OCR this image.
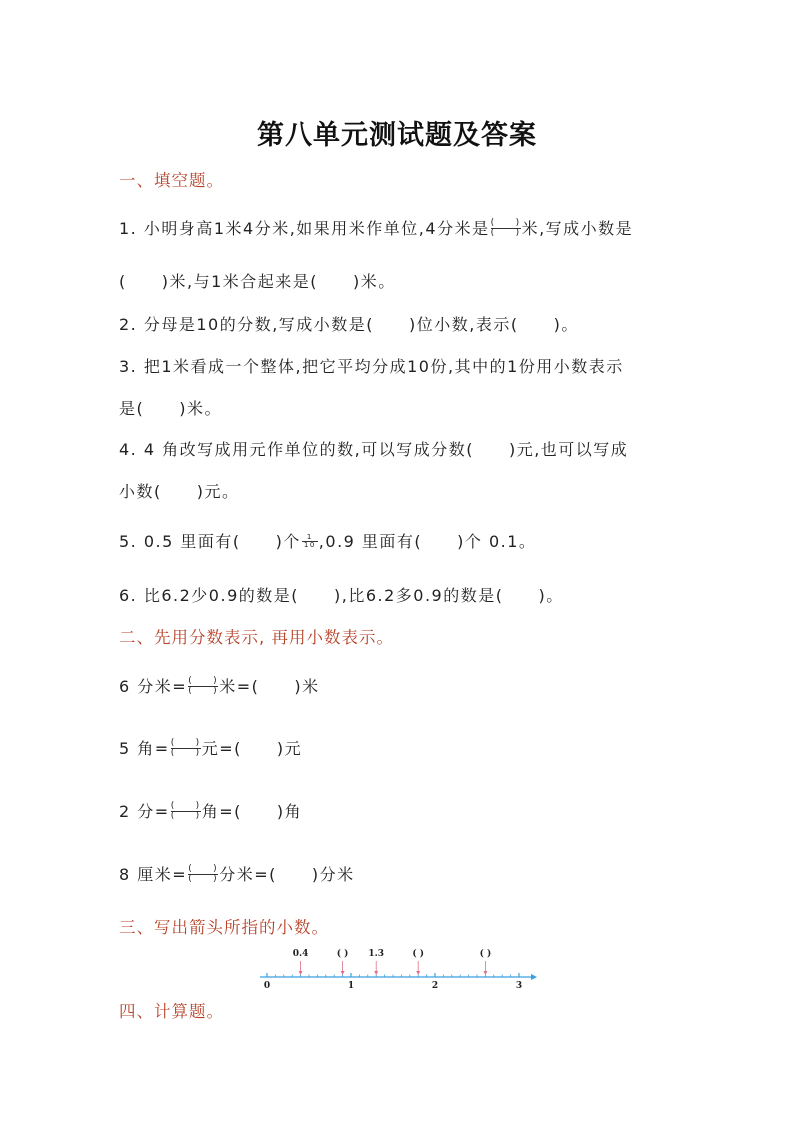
第八单元测试题及答案
一、填空题。
1. 小明身高1米4分米,如果用米作单位,4分米是 $\frac{( )}{( )}$ 米,写成小数是
(　　)米,与1米合起来是(　　)米。
2. 分母是10的分数,写成小数是(　　)位小数,表示(　　)。
3. 把1米看成一个整体,把它平均分成10份,其中的1份用小数表示
是(　　)米。
4. 4 角改写成用元作单位的数,可以写成分数(　　)元,也可以写成
小数(　　)元。
5. 0.5 里面有(　　)个 $\frac{1}{10} ,0.9$ 里面有(　　)个 0.1。
6. 比6.2少0.9的数是(　　),比6.2多0.9的数是(　　)。
二、先用分数表示, 再用小数表示。
6 分米= $\frac{( )}{( )}$ 米=(　　)米
5 角= $\frac{( )}{( )}$ 元=(　　)元
2 分= $\frac{( )}{( )}$ 角=(　　)角
8 厘米= $\frac{( )}{( )}$ 分米=(　　)分米
三、写出箭头所指的小数。
0	1	2	3
0.4	( ) 1.3	( )	( )
四、计算题。
